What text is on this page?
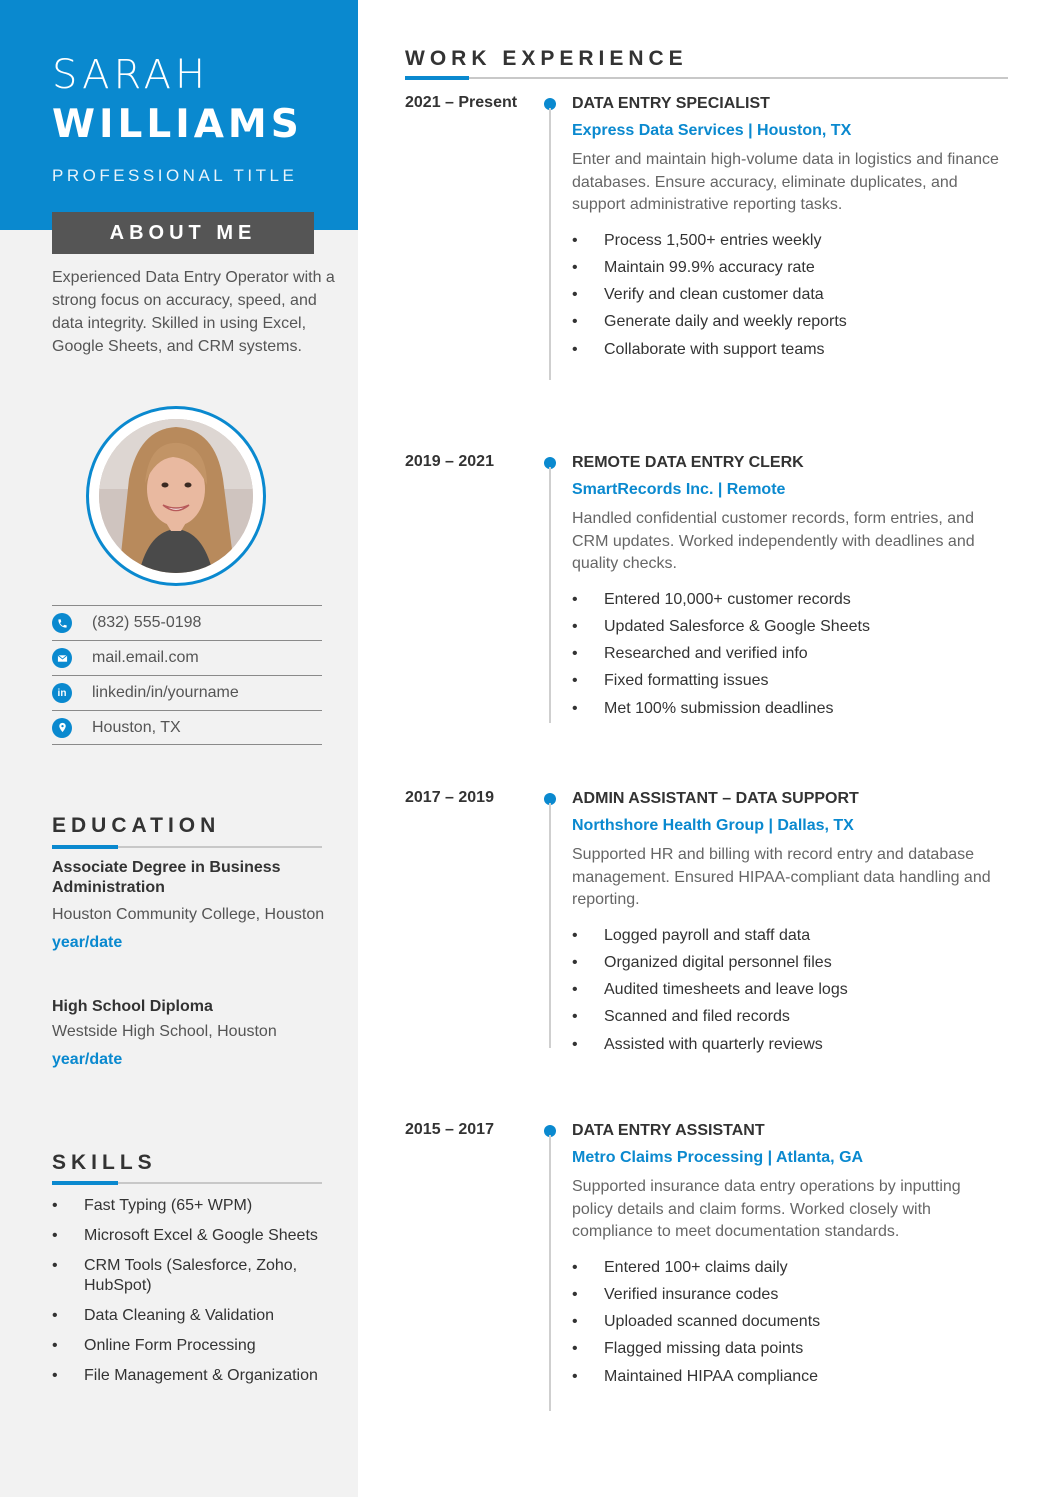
SARAH
WILLIAMS
PROFESSIONAL TITLE
ABOUT ME
Experienced Data Entry Operator with a strong focus on accuracy, speed, and data integrity. Skilled in using Excel, Google Sheets, and CRM systems.
(832) 555-0198
mail.email.com
in	linkedin/in/yourname
Houston, TX
EDUCATION
Associate Degree in Business Administration
Houston Community College, Houston
year/date
High School Diploma
Westside High School, Houston
year/date
SKILLS
• Fast Typing (65+ WPM)
• Microsoft Excel & Google Sheets
• CRM Tools (Salesforce, Zoho, HubSpot)
• Data Cleaning & Validation
• Online Form Processing
• File Management & Organization
WORK EXPERIENCE
2021 – Present	DATA ENTRY SPECIALIST
Express Data Services | Houston, TX
Enter and maintain high-volume data in logistics and finance databases. Ensure accuracy, eliminate duplicates, and support administrative reporting tasks.
• Process 1,500+ entries weekly
• Maintain 99.9% accuracy rate
• Verify and clean customer data
• Generate daily and weekly reports
• Collaborate with support teams
2019 – 2021	REMOTE DATA ENTRY CLERK
SmartRecords Inc. | Remote
Handled confidential customer records, form entries, and CRM updates. Worked independently with deadlines and quality checks.
• Entered 10,000+ customer records
• Updated Salesforce & Google Sheets
• Researched and verified info
• Fixed formatting issues
• Met 100% submission deadlines
2017 – 2019	ADMIN ASSISTANT – DATA SUPPORT
Northshore Health Group | Dallas, TX
Supported HR and billing with record entry and database management. Ensured HIPAA-compliant data handling and reporting.
• Logged payroll and staff data
• Organized digital personnel files
• Audited timesheets and leave logs
• Scanned and filed records
• Assisted with quarterly reviews
2015 – 2017	DATA ENTRY ASSISTANT
Metro Claims Processing | Atlanta, GA
Supported insurance data entry operations by inputting policy details and claim forms. Worked closely with compliance to meet documentation standards.
• Entered 100+ claims daily
• Verified insurance codes
• Uploaded scanned documents
• Flagged missing data points
• Maintained HIPAA compliance
